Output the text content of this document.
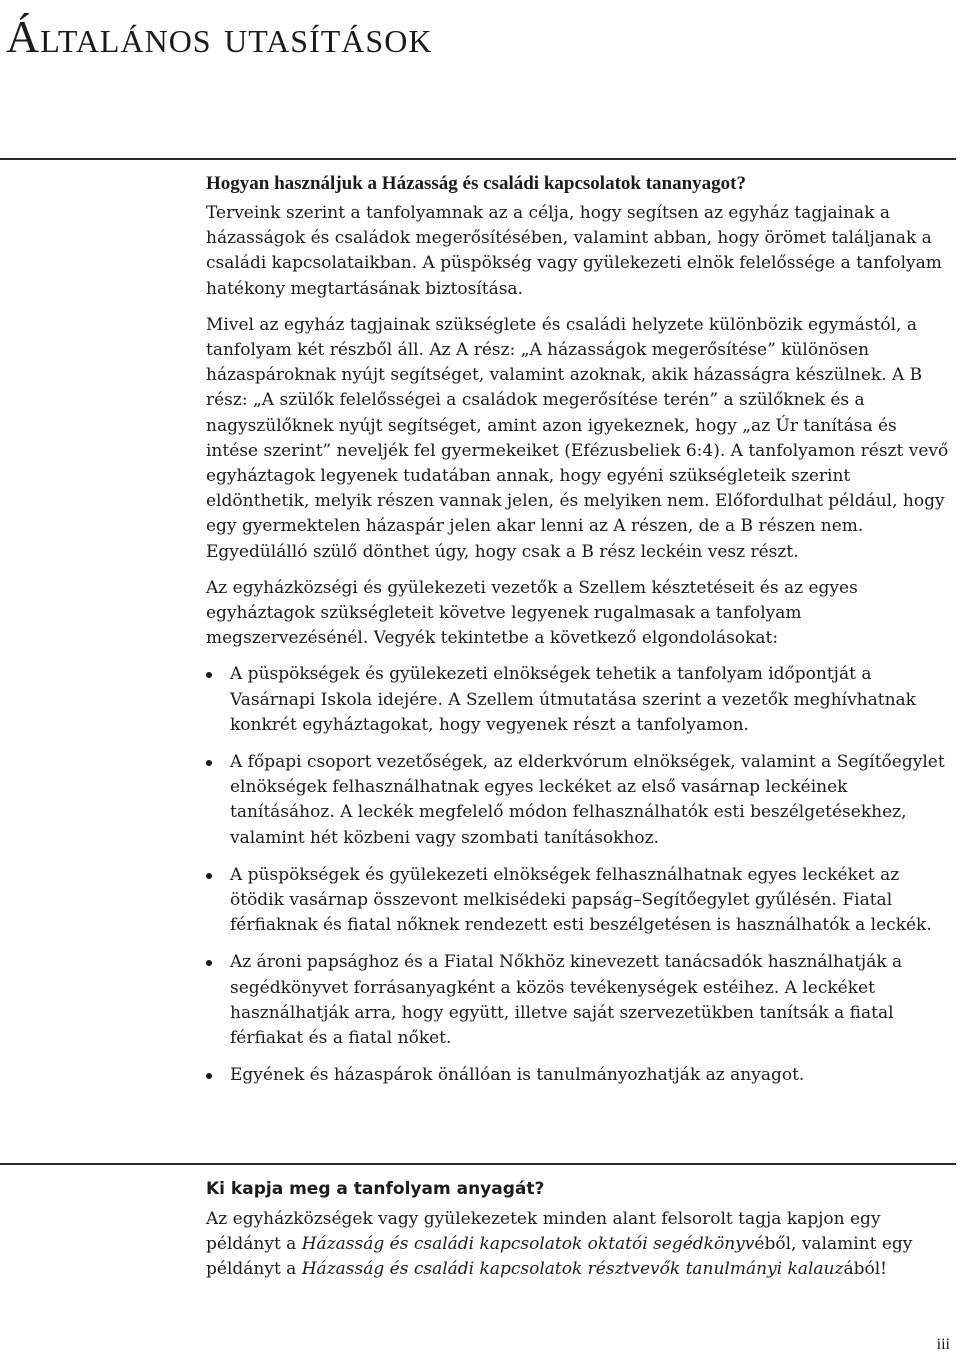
Általános utasítások
Hogyan használjuk a Házasság és családi kapcsolatok tananyagot?

Terveink szerint a tanfolyamnak az a célja, hogy segítsen az egyház tagjainak a házasságok és családok megerősítésében, valamint abban, hogy örömet találjanak a családi kapcsolataikban. A püspökség vagy gyülekezeti elnök felelőssége a tanfolyam hatékony megtartásának biztosítása.

Mivel az egyház tagjainak szükséglete és családi helyzete különbözik egymástól, a tanfolyam két részből áll. Az A rész: „A házasságok megerősítése” különösen házaspároknak nyújt segítséget, valamint azoknak, akik házasságra készülnek. A B rész: „A szülők felelősségei a családok megerősítése terén” a szülőknek és a nagyszülőknek nyújt segítséget, amint azon igyekeznek, hogy „az Úr tanítása és intése szerint” neveljék fel gyermekeiket (Efézusbeliek 6:4). A tanfolyamon részt vevő egyháztagok legyenek tudatában annak, hogy egyéni szükségleteik szerint eldönthetik, melyik részen vannak jelen, és melyiken nem. Előfordulhat például, hogy egy gyermektelen házaspár jelen akar lenni az A részen, de a B részen nem. Egyedülálló szülő dönthet úgy, hogy csak a B rész leckéin vesz részt.

Az egyházközségi és gyülekezeti vezetők a Szellem késztetéseit és az egyes egyháztagok szükségleteit követve legyenek rugalmasak a tanfolyam megszervezésénél. Vegyék tekintetbe a következő elgondolásokat:

A püspökségek és gyülekezeti elnökségek tehetik a tanfolyam időpontját a Vasárnapi Iskola idejére. A Szellem útmutatása szerint a vezetők meghívhatnak konkrét egyháztagokat, hogy vegyenek részt a tanfolyamon.
A főpapi csoport vezetőségek, az elderkvórum elnökségek, valamint a Segítőegylet elnökségek felhasználhatnak egyes leckéket az első vasárnap leckéinek tanításához. A leckék megfelelő módon felhasználhatók esti beszélgetésekhez, valamint hét közbeni vagy szombati tanításokhoz.
A püspökségek és gyülekezeti elnökségek felhasználhatnak egyes leckéket az ötödik vasárnap összevont melkisédeki papság–Segítőegylet gyűlésén. Fiatal férfiaknak és fiatal nőknek rendezett esti beszélgetésen is használhatók a leckék.
Az ároni papsághoz és a Fiatal Nőkhöz kinevezett tanácsadók használhatják a segédkönyvet forrásanyagként a közös tevékenységek estéihez. A leckéket használhatják arra, hogy együtt, illetve saját szervezetükben tanítsák a fiatal férfiakat és a fiatal nőket.
Egyének és házaspárok önállóan is tanulmányozhatják az anyagot.
Ki kapja meg a tanfolyam anyagát?

Az egyházközségek vagy gyülekezetek minden alant felsorolt tagja kapjon egy példányt a Házasság és családi kapcsolatok oktatói segédkönyvéből, valamint egy példányt a Házasság és családi kapcsolatok résztvevők tanulmányi kalauzából!

iii
